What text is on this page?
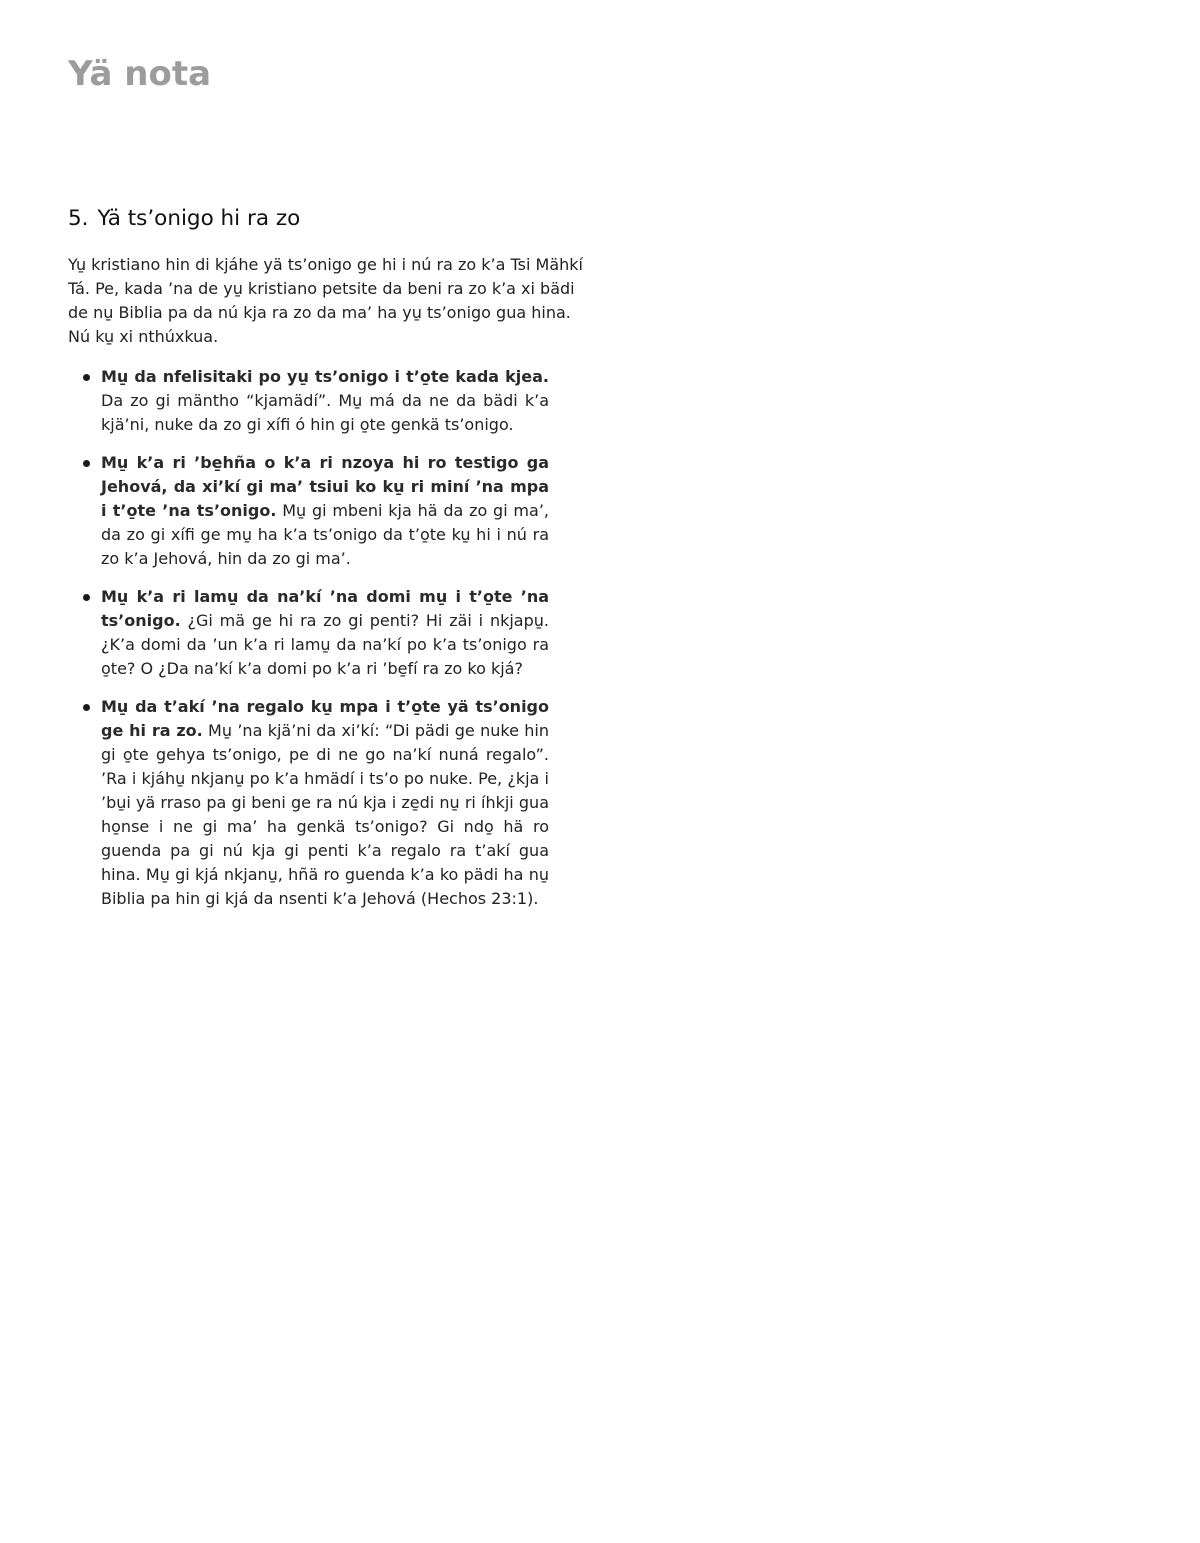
Yä nota
5. Yä ts’onigo hi ra zo

Yu̱ kristiano hin di kjáhe yä ts’onigo ge hi i nú ra zo k’a Tsi Mähkí Tá. Pe, kada ’na de yu̱ kristiano petsite da beni ra zo k’a xi bädi de nu̱ Biblia pa da nú kja ra zo da ma’ ha yu̱ ts’onigo gua hina. Nú ku̱ xi nthúxkua.

Mu̱ da nfelisitaki po yu̱ ts’onigo i t’o̱te kada kjea. Da zo gi mäntho “kjamädí”. Mu̱ má da ne da bädi k’a kjä’ni, nuke da zo gi xífi ó hin gi o̱te genkä ts’onigo.
Mu̱ k’a ri ’be̱hña o k’a ri nzoya hi ro testigo ga Jehová, da xi’kí gi ma’ tsiui ko ku̱ ri miní ’na mpa i t’o̱te ’na ts’onigo. Mu̱ gi mbeni kja hä da zo gi ma’, da zo gi xífi ge mu̱ ha k’a ts’onigo da t’o̱te ku̱ hi i nú ra zo k’a Jehová, hin da zo gi ma’.
Mu̱ k’a ri lamu̱ da na’kí ’na domi mu̱ i t’o̱te ’na ts’onigo. ¿Gi mä ge hi ra zo gi penti? Hi zäi i nkjapu̱. ¿K’a domi da ’un k’a ri lamu̱ da na’kí po k’a ts’onigo ra o̱te? O ¿Da na’kí k’a domi po k’a ri ’be̱fí ra zo ko kjá?
Mu̱ da t’akí ’na regalo ku̱ mpa i t’o̱te yä ts’onigo ge hi ra zo. Mu̱ ’na kjä’ni da xi’kí: “Di pädi ge nuke hin gi o̱te gehya ts’onigo, pe di ne go na’kí nuná regalo”. ’Ra i kjáhu̱ nkjanu̱ po k’a hmädí i ts’o po nuke. Pe, ¿kja i ’bu̱i yä rraso pa gi beni ge ra nú kja i ze̱di nu̱ ri íhkji gua ho̱nse i ne gi ma’ ha genkä ts’onigo? Gi ndo̱ hä ro guenda pa gi nú kja gi penti k’a regalo ra t’akí gua hina. Mu̱ gi kjá nkjanu̱, hñä ro guenda k’a ko pädi ha nu̱ Biblia pa hin gi kjá da nsenti k’a Jehová (Hechos 23:1).
